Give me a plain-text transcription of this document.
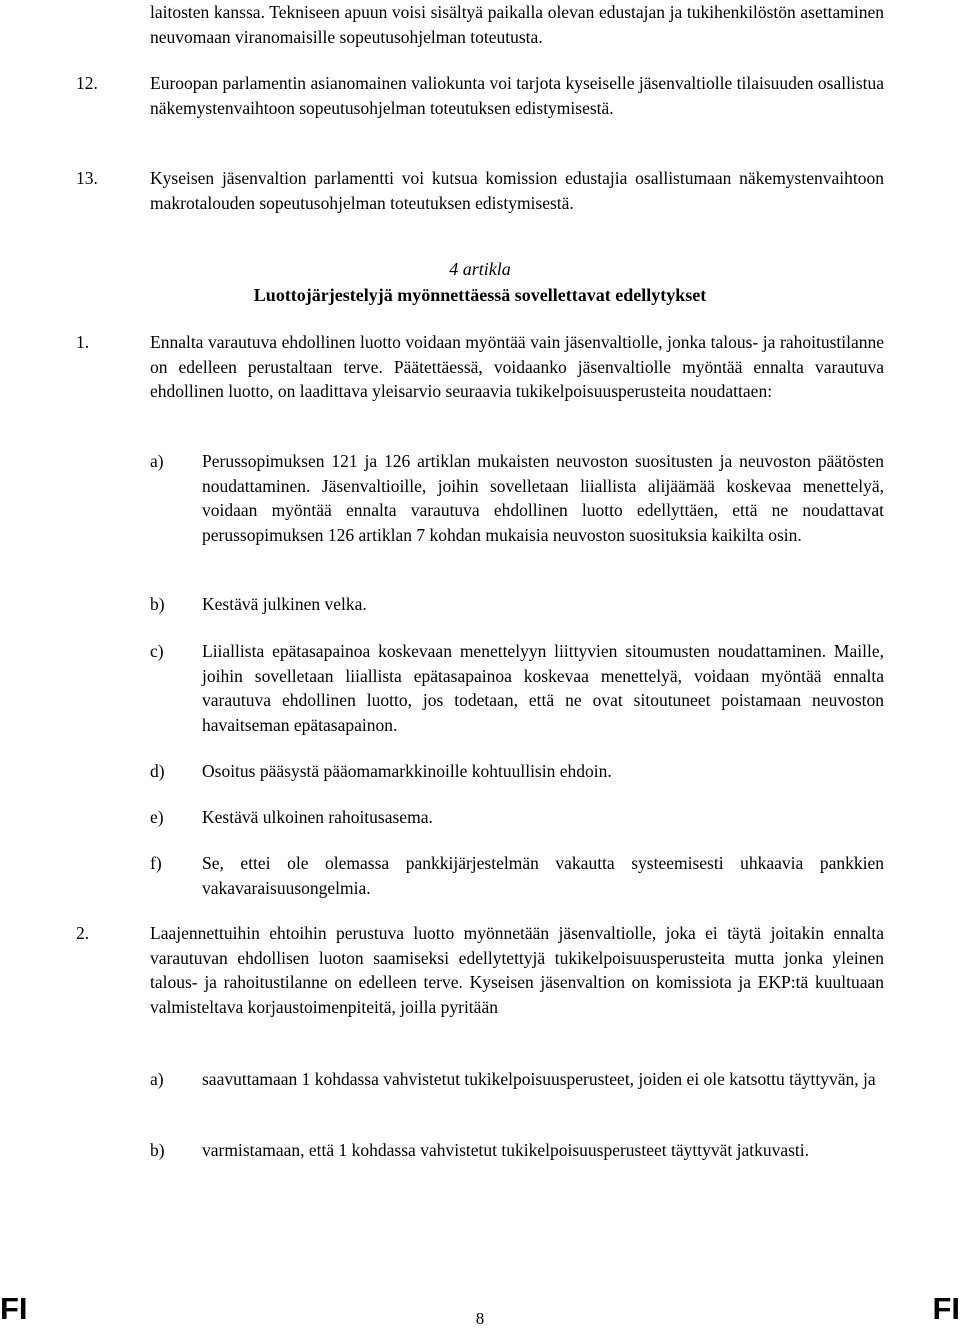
laitosten kanssa. Tekniseen apuun voisi sisältyä paikalla olevan edustajan ja tukihenkilöstön asettaminen neuvomaan viranomaisille sopeutusohjelman toteutusta.
12.	Euroopan parlamentin asianomainen valiokunta voi tarjota kyseiselle jäsenvaltiolle tilaisuuden osallistua näkemystenvaihtoon sopeutusohjelman toteutuksen edistymisestä.
13.	Kyseisen jäsenvaltion parlamentti voi kutsua komission edustajia osallistumaan näkemystenvaihtoon makrotalouden sopeutusohjelman toteutuksen edistymisestä.
4 artikla
Luottojärjestelyjä myönnettäessä sovellettavat edellytykset
1.	Ennalta varautuva ehdollinen luotto voidaan myöntää vain jäsenvaltiolle, jonka talous- ja rahoitustilanne on edelleen perustaltaan terve. Päätettäessä, voidaanko jäsenvaltiolle myöntää ennalta varautuva ehdollinen luotto, on laadittava yleisarvio seuraavia tukikelpoisuusperusteita noudattaen:
a) Perussopimuksen 121 ja 126 artiklan mukaisten neuvoston suositusten ja neuvoston päätösten noudattaminen. Jäsenvaltioille, joihin sovelletaan liiallista alijäämää koskevaa menettelyä, voidaan myöntää ennalta varautuva ehdollinen luotto edellyttäen, että ne noudattavat perussopimuksen 126 artiklan 7 kohdan mukaisia neuvoston suosituksia kaikilta osin.
b) Kestävä julkinen velka.
c) Liiallista epätasapainoa koskevaan menettelyyn liittyvien sitoumusten noudattaminen. Maille, joihin sovelletaan liiallista epätasapainoa koskevaa menettelyä, voidaan myöntää ennalta varautuva ehdollinen luotto, jos todetaan, että ne ovat sitoutuneet poistamaan neuvoston havaitseman epätasapainon.
d) Osoitus pääsystä pääomamarkkinoille kohtuullisin ehdoin.
e) Kestävä ulkoinen rahoitusasema.
f) Se, ettei ole olemassa pankkijärjestelmän vakautta systeemisesti uhkaavia pankkien vakavaraisuusongelmia.
2.	Laajennettuihin ehtoihin perustuva luotto myönnetään jäsenvaltiolle, joka ei täytä joitakin ennalta varautuvan ehdollisen luoton saamiseksi edellytettyjä tukikelpoisuusperusteita mutta jonka yleinen talous- ja rahoitustilanne on edelleen terve. Kyseisen jäsenvaltion on komissiota ja EKP:tä kuultuaan valmisteltava korjaustoimenpiteitä, joilla pyritään
a) saavuttamaan 1 kohdassa vahvistetut tukikelpoisuusperusteet, joiden ei ole katsottu täyttyvän, ja
b) varmistamaan, että 1 kohdassa vahvistetut tukikelpoisuusperusteet täyttyvät jatkuvasti.
FI	8	FI
